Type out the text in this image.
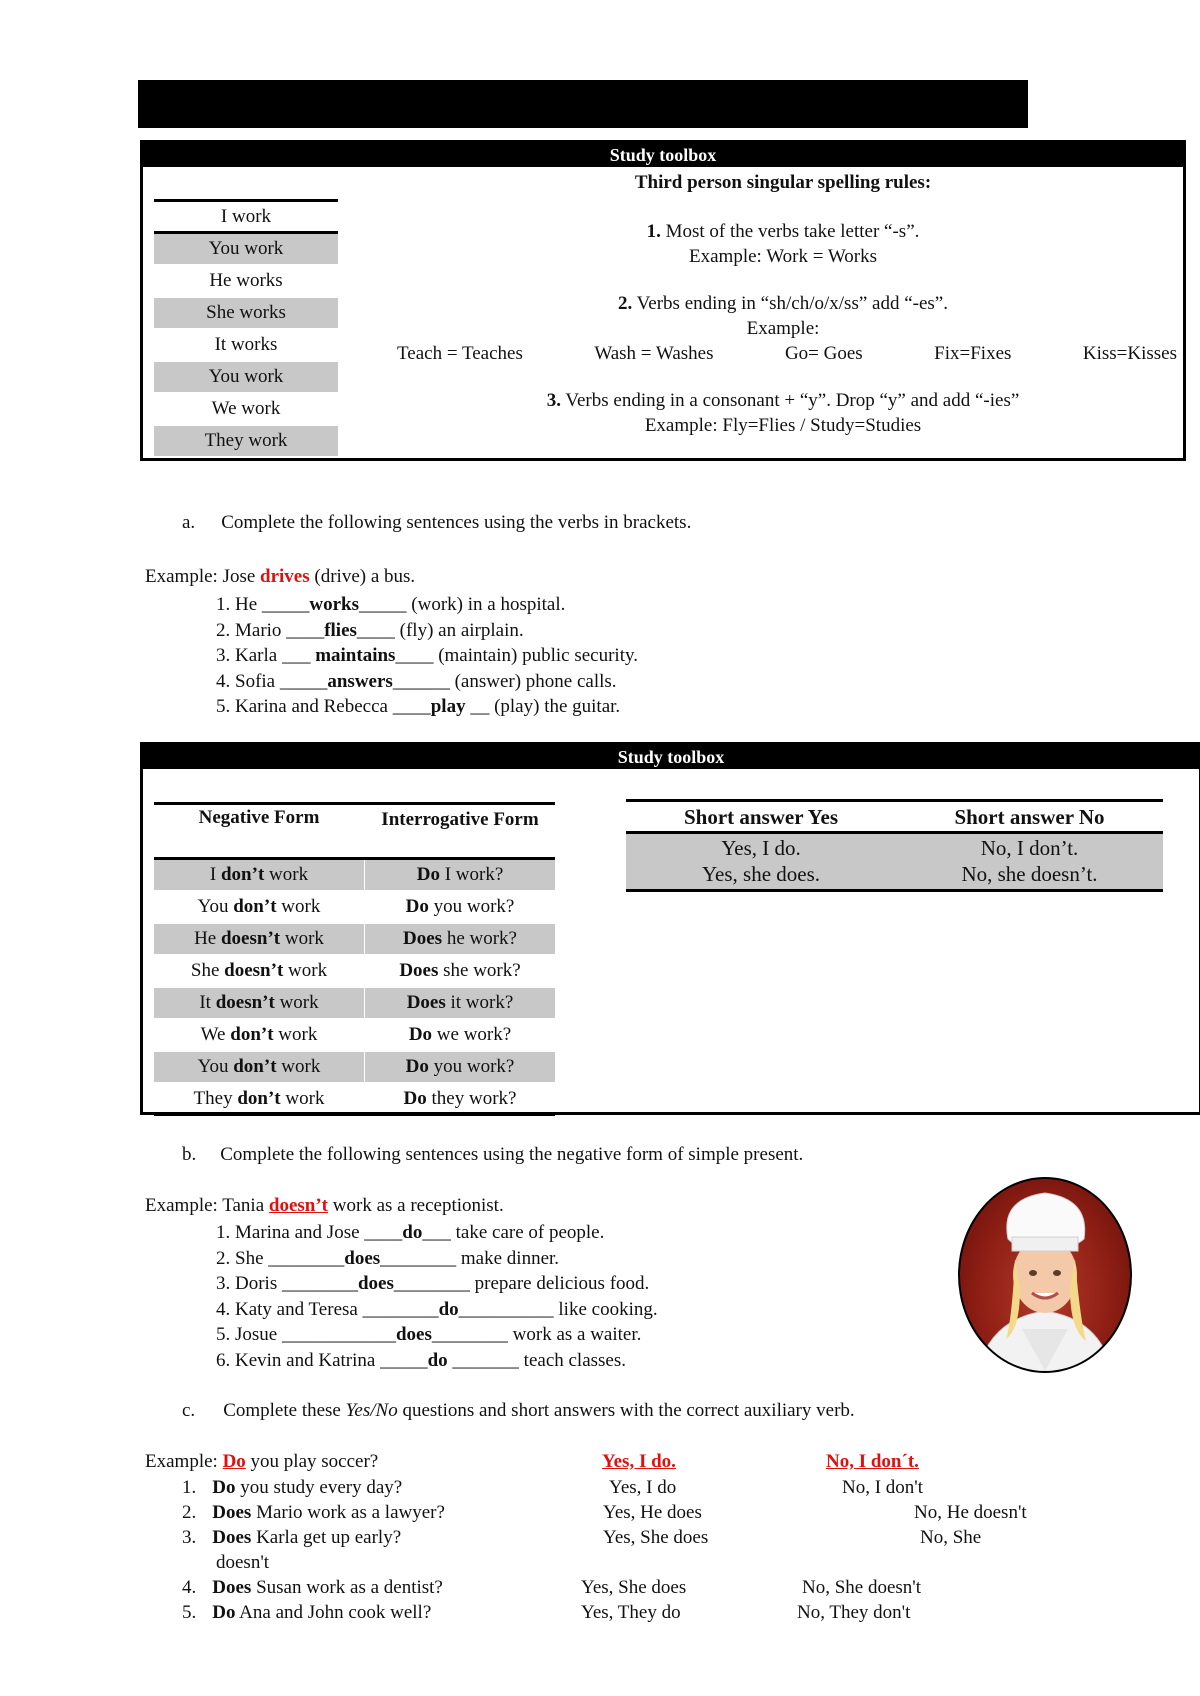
Study toolbox
I work
You work
He works
She works
It works
You work
We work
They work
Third person singular spelling rules:
1. Most of the verbs take letter “-s”.
Example: Work = Works
2. Verbs ending in “sh/ch/o/x/ss” add “-es”.
Example:
Teach = Teaches	Wash = Washes	Go= Goes	Fix=Fixes	Kiss=Kisses
3. Verbs ending in a consonant + “y”. Drop “y” and add “-ies”
Example: Fly=Flies / Study=Studies
a. Complete the following sentences using the verbs in brackets.
Example: Jose drives (drive) a bus.
1. He _____works_____ (work) in a hospital.
2. Mario ____flies____ (fly) an airplain.
3. Karla ___ maintains____ (maintain) public security.
4. Sofia _____answers______ (answer) phone calls.
5. Karina and Rebecca ____play __ (play) the guitar.
Study toolbox
Negative Form	Interrogative Form
I don’t work	Do I work?
You don’t work	Do you work?
He doesn’t work	Does he work?
She doesn’t work	Does she work?
It doesn’t work	Does it work?
We don’t work	Do we work?
You don’t work	Do you work?
They don’t work	Do they work?
Short answer Yes	Short answer No
Yes, I do.	No, I don’t.
Yes, she does.	No, she doesn’t.
b. Complete the following sentences using the negative form of simple present.
Example: Tania doesn’t work as a receptionist.
1. Marina and Jose ____do___ take care of people.
2. She ________does________ make dinner.
3. Doris ________does________ prepare delicious food.
4. Katy and Teresa ________do__________ like cooking.
5. Josue ____________does________ work as a waiter.
6. Kevin and Katrina _____do _______ teach classes.
c. Complete these Yes/No questions and short answers with the correct auxiliary verb.
Example: Do you play soccer?	Yes, I do.	No, I don´t.
1. Do you study every day?	Yes, I do	No, I don't
2. Does Mario work as a lawyer?	Yes, He does	No, He doesn't
3. Does Karla get up early?	Yes, She does	No, She
doesn't
4. Does Susan work as a dentist?	Yes, She does	No, She doesn't
5. Do Ana and John cook well?	Yes, They do	No, They don't
